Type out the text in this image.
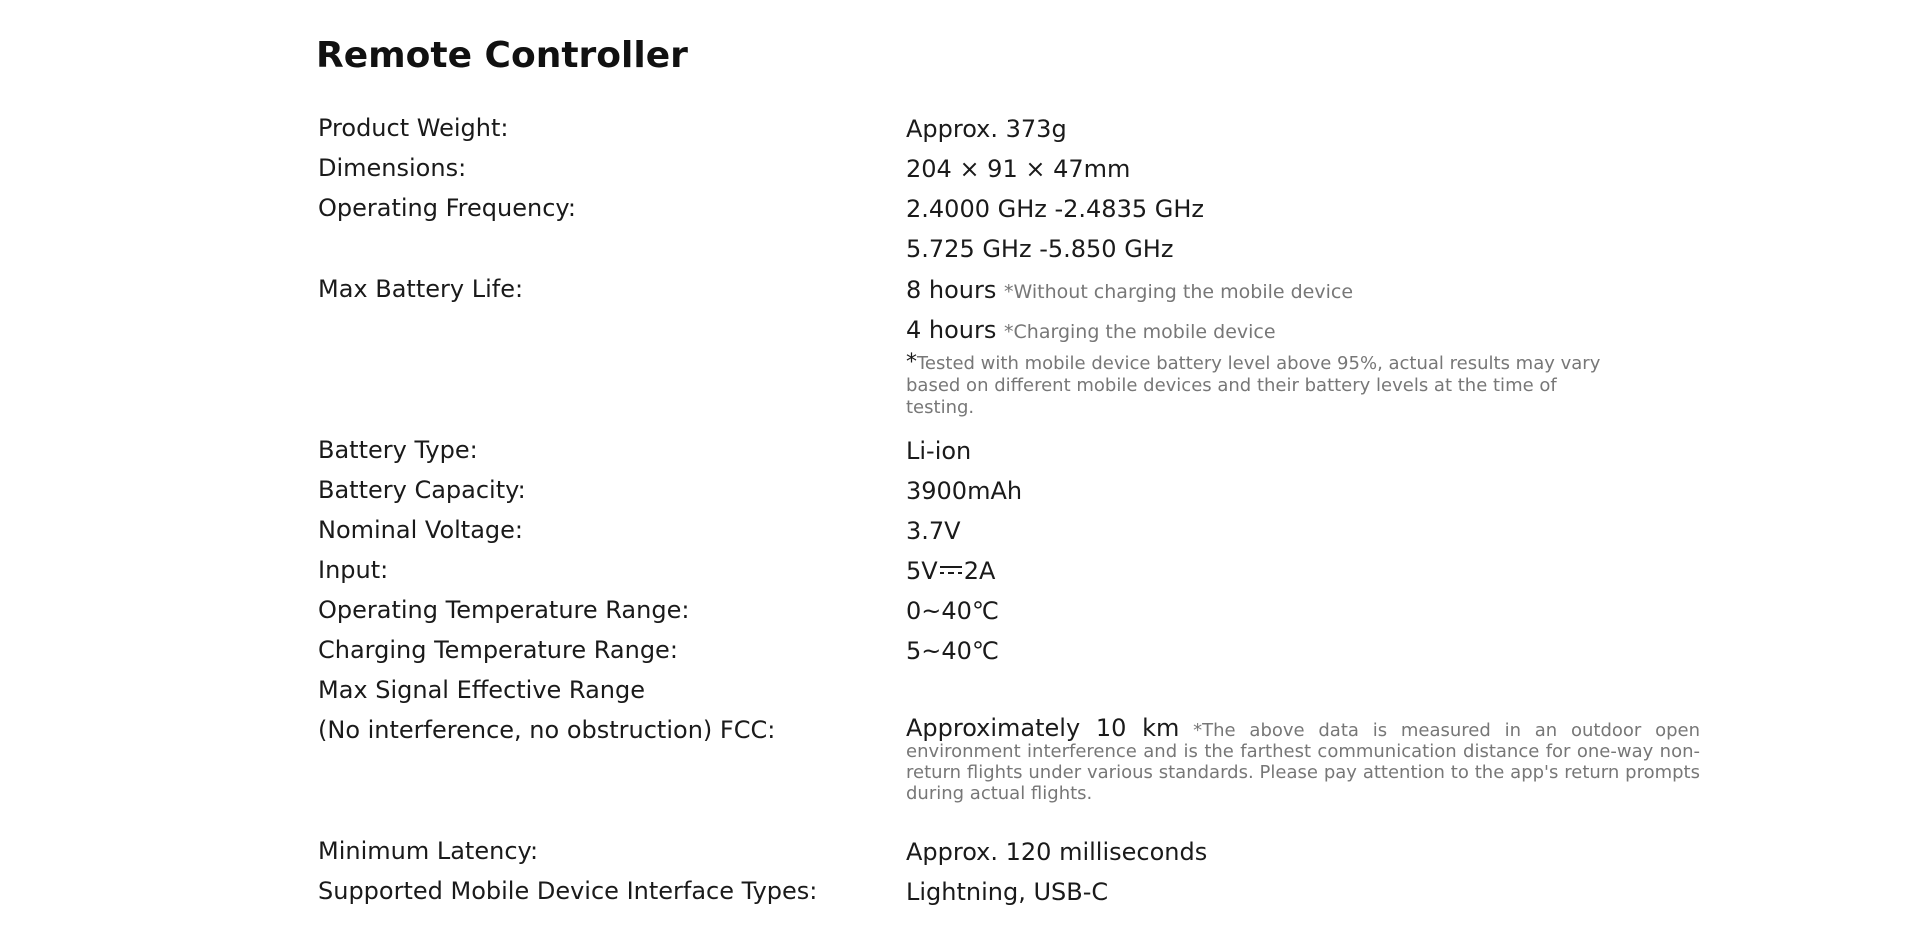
Remote Controller
Product Weight:	Approx. 373g
Dimensions:	204 × 91 × 47mm
Operating Frequency:	2.4000 GHz -2.4835 GHz
5.725 GHz -5.850 GHz
Max Battery Life:	8 hours *Without charging the mobile device
4 hours *Charging the mobile device
*Tested with mobile device battery level above 95%, actual results may vary based on different mobile devices and their battery levels at the time of testing.
Battery Type:	Li-ion
Battery Capacity:	3900mAh
Nominal Voltage:	3.7V
Input:	5V 2A
Operating Temperature Range:	0~40℃
Charging Temperature Range:	5~40℃
Max Signal Effective Range
(No interference, no obstruction) FCC:	Approximately 10 km *The above data is measured in an outdoor open environment interference and is the farthest communication distance for one-way non-return flights under various standards. Please pay attention to the app's return prompts during actual flights.
Minimum Latency:	Approx. 120 milliseconds
Supported Mobile Device Interface Types:	Lightning, USB-C
